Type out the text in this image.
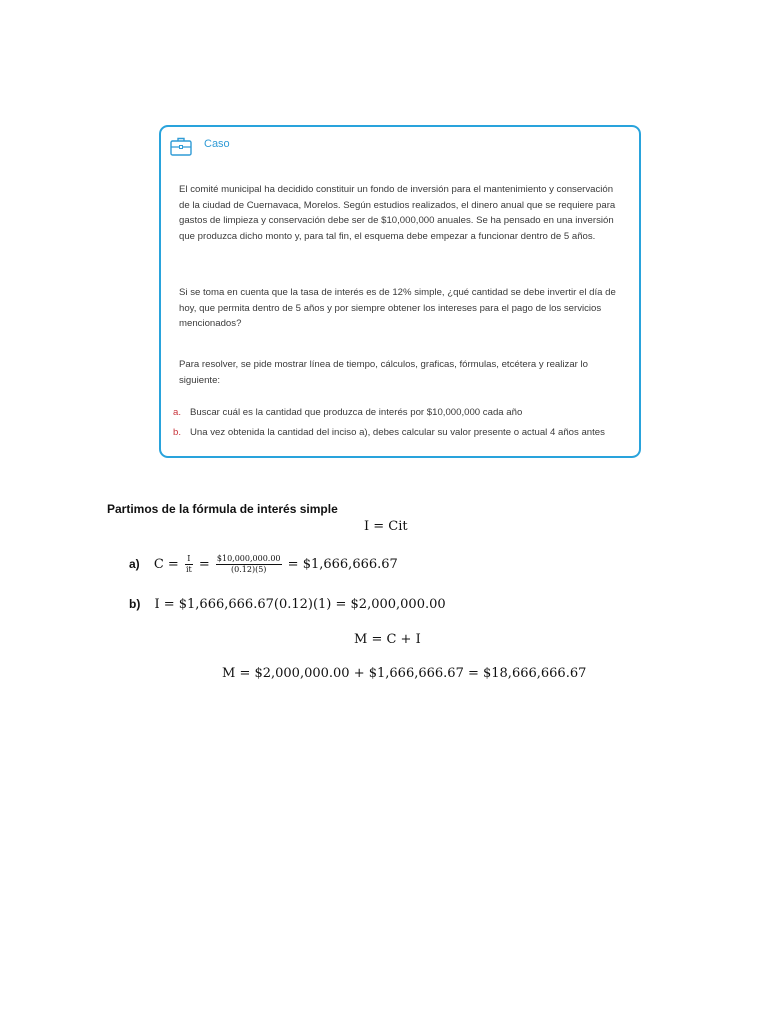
Caso
El comité municipal ha decidido constituir un fondo de inversión para el mantenimiento y conservación de la ciudad de Cuernavaca, Morelos. Según estudios realizados, el dinero anual que se requiere para gastos de limpieza y conservación debe ser de $10,000,000 anuales. Se ha pensado en una inversión que produzca dicho monto y, para tal fin, el esquema debe empezar a funcionar dentro de 5 años.
Si se toma en cuenta que la tasa de interés es de 12% simple, ¿qué cantidad se debe invertir el día de hoy, que permita dentro de 5 años y por siempre obtener los intereses para el pago de los servicios mencionados?
Para resolver, se pide mostrar línea de tiempo, cálculos, graficas, fórmulas, etcétera y realizar lo siguiente:
a. Buscar cuál es la cantidad que produzca de interés por $10,000,000 cada año
b. Una vez obtenida la cantidad del inciso a), debes calcular su valor presente o actual 4 años antes
Partimos de la fórmula de interés simple
I = Cit
a) $C = \frac{I}{it} = \frac{\$10,000,000.00}{(0.12)(5)}$ = $1,666,666.67
b) I = $1,666,666.67(0.12)(1) = $2,000,000.00
M = C + I
M = $2,000,000.00 + $1,666,666.67 = $18,666,666.67
